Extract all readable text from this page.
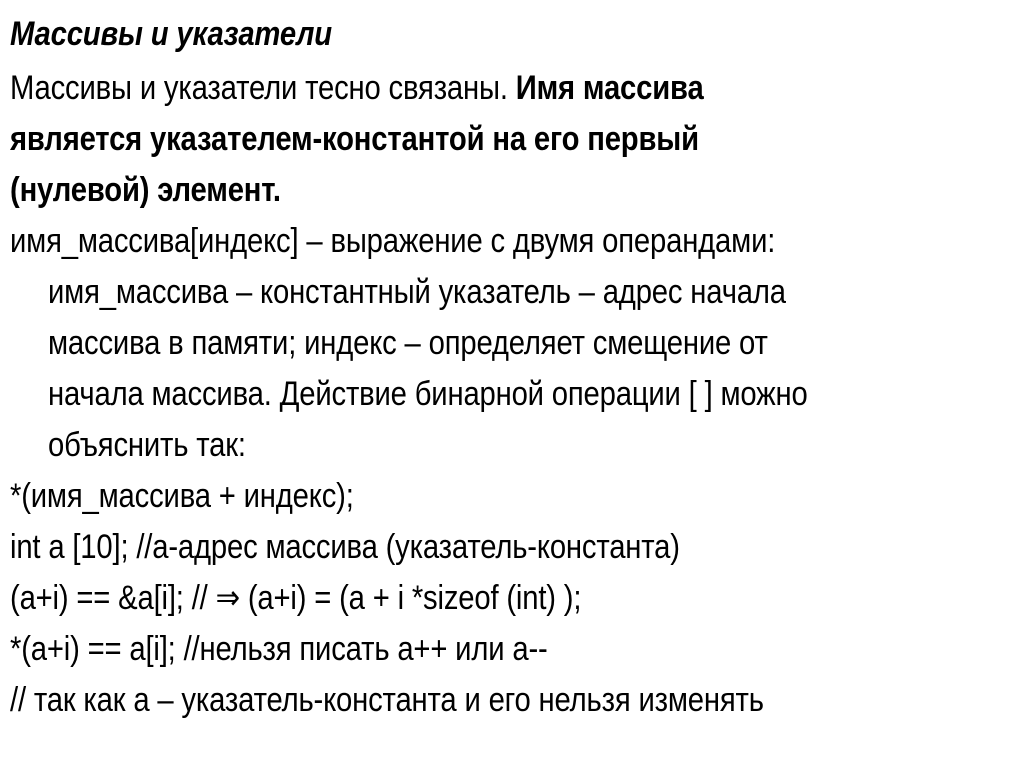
Массивы и указатели
Массивы и указатели тесно связаны. Имя массива
является указателем-константой на его первый
(нулевой) элемент.
имя_массива[индекс] – выражение с двумя операндами:
имя_массива – константный указатель – адрес начала
массива в памяти; индекс – определяет смещение от
начала массива. Действие бинарной операции [ ] можно
объяснить так:
*(имя_массива + индекс);
int a [10]; //а-адрес массива (указатель-константа)
(a+i) == &a[i]; // ⇒ (a+i) = (a + i *sizeof (int) );
*(a+i) == a[i]; //нельзя писать а++ или а--
// так как а – указатель-константа и его нельзя изменять
